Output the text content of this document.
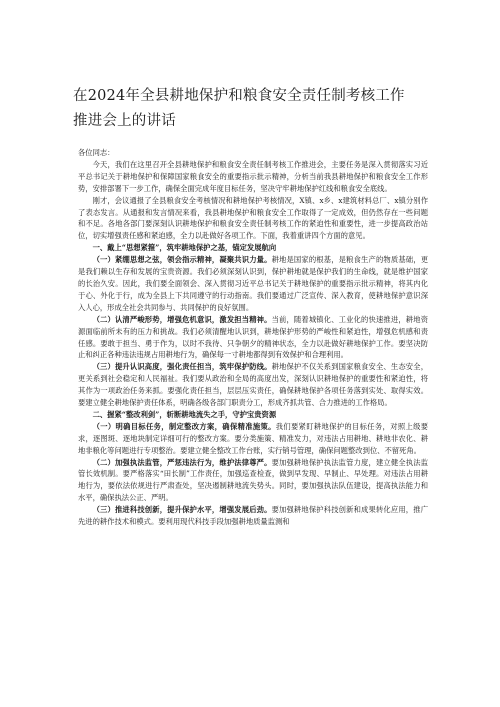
在2024年全县耕地保护和粮食安全责任制考核工作
推进会上的讲话

各位同志：

今天，我们在这里召开全县耕地保护和粮食安全责任制考核工作推进会，主要任务是深入贯彻落实习近平总书记关于耕地保护和保障国家粮食安全的重要指示批示精神，分析当前我县耕地保护和粮食安全工作形势，安排部署下一步工作，确保全面完成年度目标任务，坚决守牢耕地保护红线和粮食安全底线。

刚才，会议通报了全县粮食安全考核情况和耕地保护考核情况，X镇、x乡、x建筑材料总厂、x镇分别作了表态发言。从通报和发言情况来看，我县耕地保护和粮食安全工作取得了一定成效，但仍然存在一些问题和不足。各地各部门要深刻认识耕地保护和粮食安全责任制考核工作的紧迫性和重要性，进一步提高政治站位，切实增强责任感和紧迫感，全力以赴做好各项工作。下面，我着重讲四个方面的意见。

一、戴上“思想紧箍”，筑牢耕地保护之基，锚定发展航向

（一）紧绷思想之弦，领会指示精神，凝聚共识力量。耕地是国家的根基，是粮食生产的物质基础，更是我们赖以生存和发展的宝贵资源。我们必须深刻认识到，保护耕地就是保护我们的生命线，就是维护国家的长治久安。因此，我们要全面领会、深入贯彻习近平总书记关于耕地保护的重要指示批示精神，将其内化于心、外化于行，成为全县上下共同遵守的行动指南。我们要通过广泛宣传、深入教育，使耕地保护意识深入人心，形成全社会共同参与、共同保护的良好氛围。

（二）认清严峻形势，增强危机意识，激发担当精神。当前，随着城镇化、工业化的快速推进，耕地资源面临前所未有的压力和挑战。我们必须清醒地认识到，耕地保护形势的严峻性和紧迫性，增强危机感和责任感。要敢于担当、勇于作为，以时不我待、只争朝夕的精神状态，全力以赴做好耕地保护工作。要坚决防止和纠正各种违法违规占用耕地行为，确保每一寸耕地都得到有效保护和合理利用。

（三）提升认识高度，强化责任担当，筑牢保护防线。耕地保护不仅关系到国家粮食安全、生态安全，更关系到社会稳定和人民福祉。我们要从政治和全局的高度出发，深刻认识耕地保护的重要性和紧迫性，将其作为一项政治任务来抓。要强化责任担当，层层压实责任，确保耕地保护各项任务落到实处、取得实效。要建立健全耕地保护责任体系，明确各级各部门职责分工，形成齐抓共管、合力推进的工作格局。

二、握紧“整改利剑”，斩断耕地流失之手，守护宝贵资源

（一）明确目标任务，制定整改方案，确保精准施策。我们要紧盯耕地保护的目标任务，对照上级要求，逐图斑、逐地块制定详细可行的整改方案。要分类施策、精准发力，对违法占用耕地、耕地非农化、耕地非粮化等问题进行专项整治。要建立健全整改工作台账，实行销号管理，确保问题整改到位、不留死角。

（二）加强执法监管，严惩违法行为，维护法律尊严。要加强耕地保护执法监管力度，建立健全执法监管长效机制。要严格落实“田长制”工作责任，加强巡查检查，做到早发现、早制止、早处理。对违法占用耕地行为，要依法依规进行严肃查处，坚决遏制耕地流失势头。同时，要加强执法队伍建设，提高执法能力和水平，确保执法公正、严明。

（三）推进科技创新，提升保护水平，增强发展后劲。要加强耕地保护科技创新和成果转化应用，推广先进的耕作技术和模式。要利用现代科技手段加强耕地质量监测和
